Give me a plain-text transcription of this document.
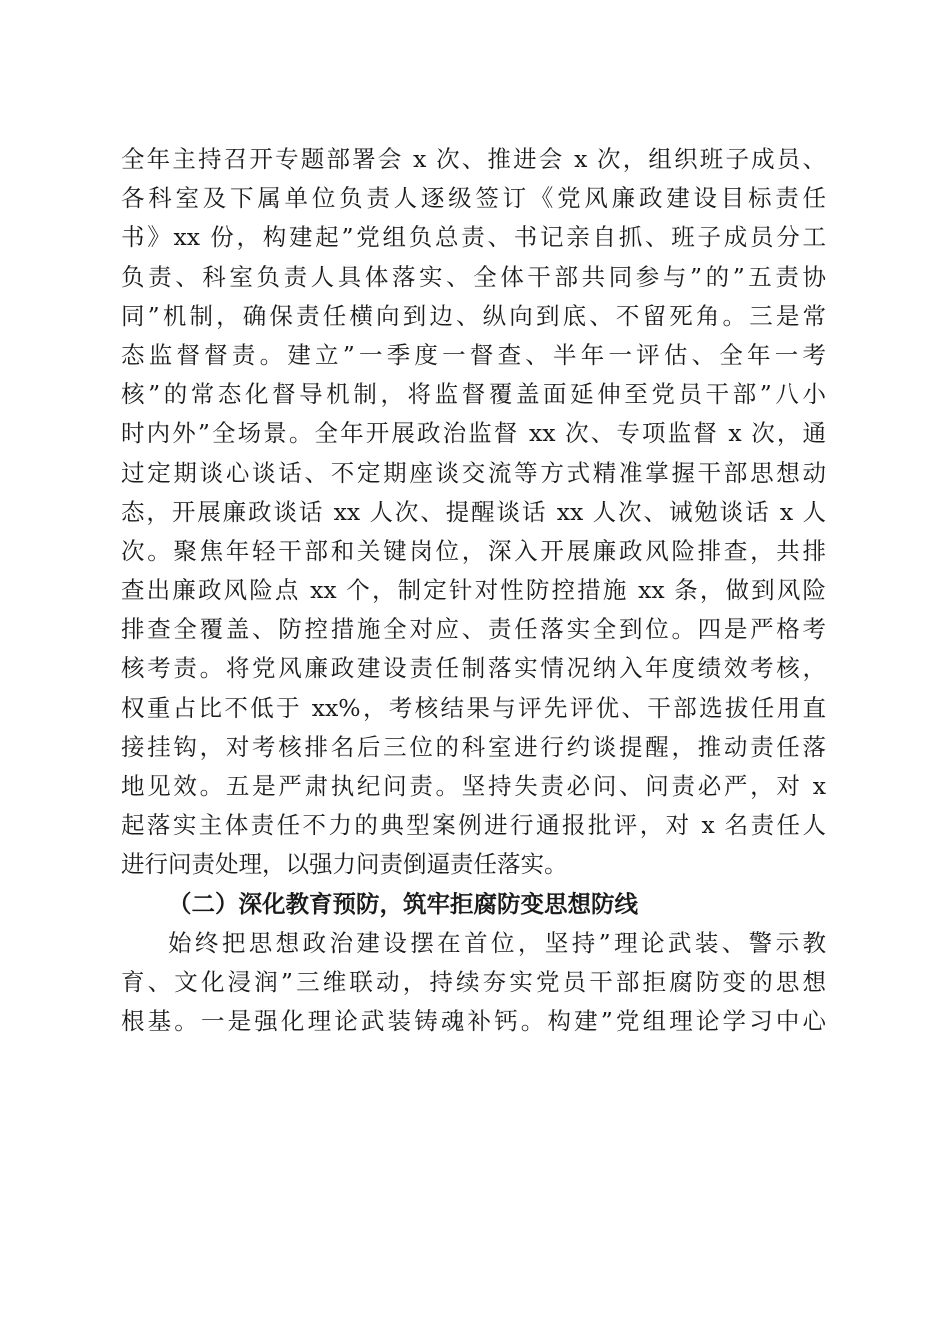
全年主持召开专题部署会 x 次、推进会 x 次，组织班子成员、
各科室及下属单位负责人逐级签订《党风廉政建设目标责任
书》xx 份，构建起”党组负总责、书记亲自抓、班子成员分工
负责、科室负责人具体落实、全体干部共同参与”的”五责协
同”机制，确保责任横向到边、纵向到底、不留死角。三是常
态监督督责。建立”一季度一督查、半年一评估、全年一考
核”的常态化督导机制，将监督覆盖面延伸至党员干部”八小
时内外”全场景。全年开展政治监督 xx 次、专项监督 x 次，通
过定期谈心谈话、不定期座谈交流等方式精准掌握干部思想动
态，开展廉政谈话 xx 人次、提醒谈话 xx 人次、诫勉谈话 x 人
次。聚焦年轻干部和关键岗位，深入开展廉政风险排查，共排
查出廉政风险点 xx 个，制定针对性防控措施 xx 条，做到风险
排查全覆盖、防控措施全对应、责任落实全到位。四是严格考
核考责。将党风廉政建设责任制落实情况纳入年度绩效考核，
权重占比不低于 xx%，考核结果与评先评优、干部选拔任用直
接挂钩，对考核排名后三位的科室进行约谈提醒，推动责任落
地见效。五是严肃执纪问责。坚持失责必问、问责必严，对 x
起落实主体责任不力的典型案例进行通报批评，对 x 名责任人
进行问责处理，以强力问责倒逼责任落实。
（二）深化教育预防，筑牢拒腐防变思想防线
始终把思想政治建设摆在首位，坚持”理论武装、警示教
育、文化浸润”三维联动，持续夯实党员干部拒腐防变的思想
根基。一是强化理论武装铸魂补钙。构建”党组理论学习中心
